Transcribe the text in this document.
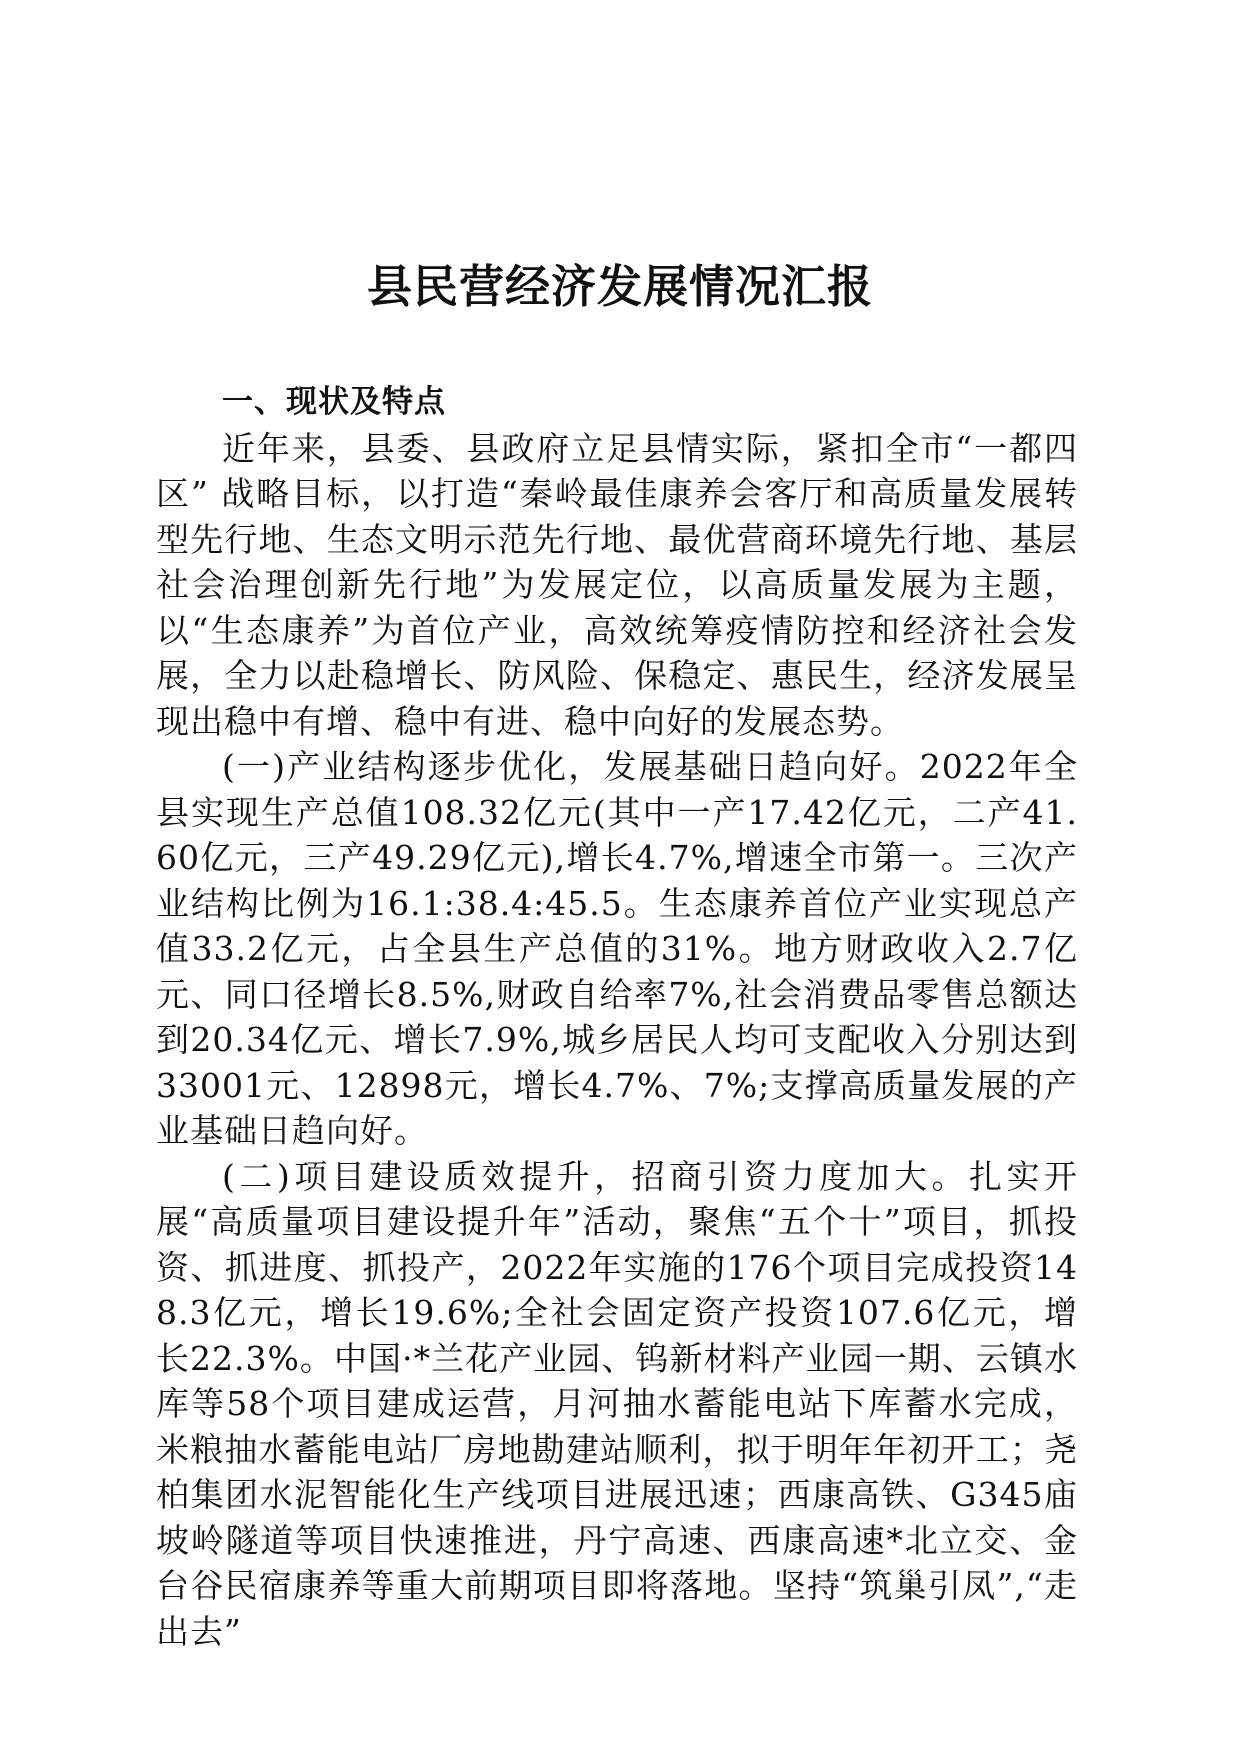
县民营经济发展情况汇报

一、现状及特点

近年来，县委、县政府立足县情实际，紧扣全市“一都四区” 战略目标，以打造“秦岭最佳康养会客厅和高质量发展转型先行地、生态文明示范先行地、最优营商环境先行地、基层社会治理创新先行地”为发展定位，以高质量发展为主题，以“生态康养”为首位产业，高效统筹疫情防控和经济社会发展，全力以赴稳增长、防风险、保稳定、惠民生，经济发展呈现出稳中有增、稳中有进、稳中向好的发展态势。

(一)产业结构逐步优化，发展基础日趋向好。2022年全县实现生产总值108.32亿元(其中一产17.42亿元，二产41.60亿元，三产49.29亿元),增长4.7%,增速全市第一。三次产业结构比例为16.1:38.4:45.5。生态康养首位产业实现总产值33.2亿元，占全县生产总值的31%。地方财政收入2.7亿元、同口径增长8.5%,财政自给率7%,社会消费品零售总额达到20.34亿元、增长7.9%,城乡居民人均可支配收入分别达到33001元、12898元，增长4.7%、7%;支撑高质量发展的产业基础日趋向好。

(二)项目建设质效提升，招商引资力度加大。扎实开展“高质量项目建设提升年”活动，聚焦“五个十”项目，抓投资、抓进度、抓投产，2022年实施的176个项目完成投资148.3亿元，增长19.6%;全社会固定资产投资107.6亿元，增长22.3%。中国·*兰花产业园、钨新材料产业园一期、云镇水库等58个项目建成运营，月河抽水蓄能电站下库蓄水完成，米粮抽水蓄能电站厂房地勘建站顺利，拟于明年年初开工；尧柏集团水泥智能化生产线项目进展迅速；西康高铁、G345庙坡岭隧道等项目快速推进，丹宁高速、西康高速*北立交、金台谷民宿康养等重大前期项目即将落地。坚持“筑巢引凤”,“走出去”
